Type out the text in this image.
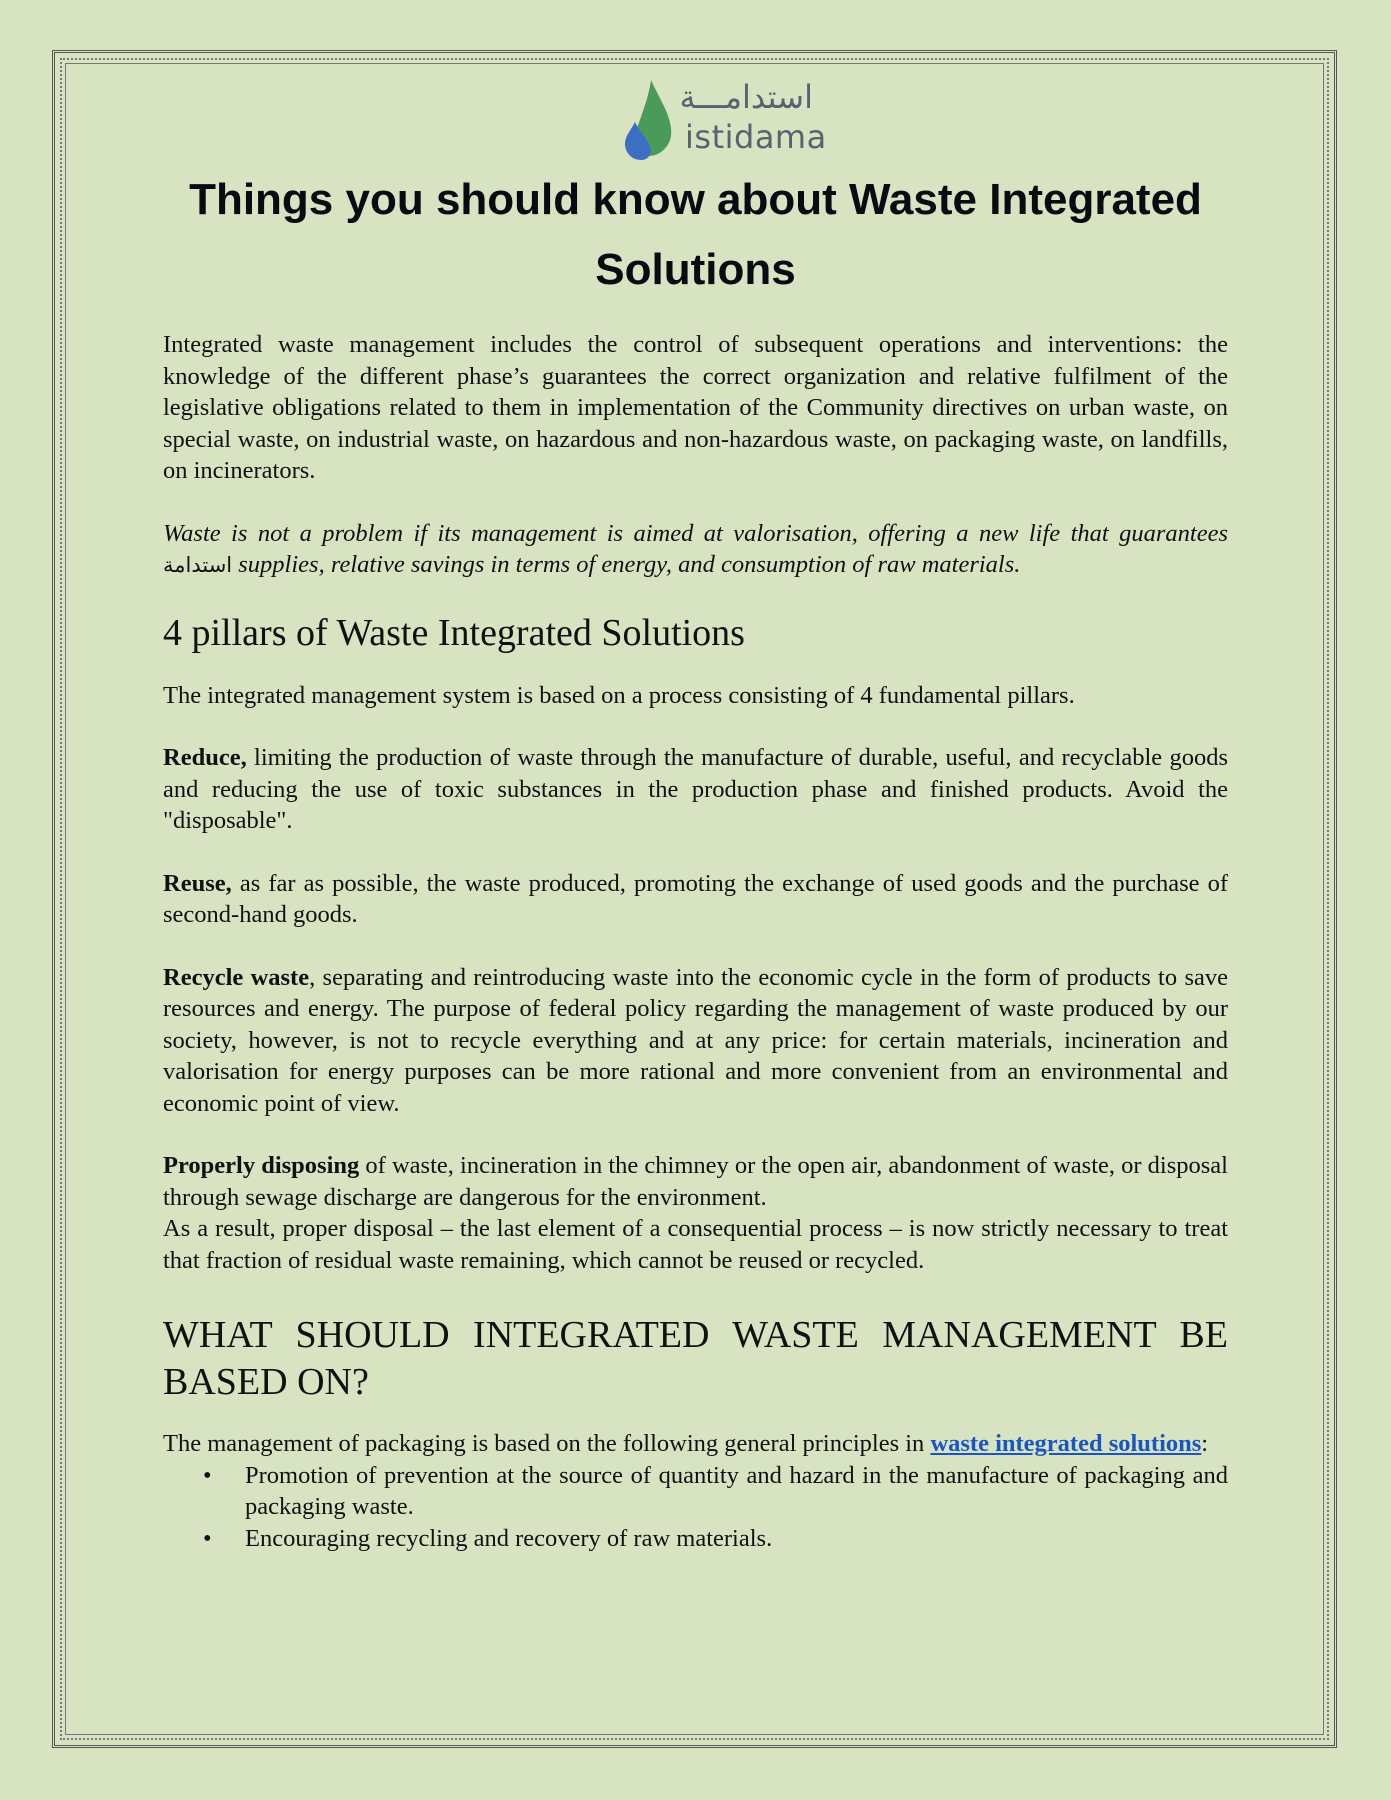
استدامـــة
istidama
Things you should know about Waste Integrated Solutions

Integrated waste management includes the control of subsequent operations and interventions: the knowledge of the different phase’s guarantees the correct organization and relative fulfilment of the legislative obligations related to them in implementation of the Community directives on urban waste, on special waste, on industrial waste, on hazardous and non-hazardous waste, on packaging waste, on landfills, on incinerators.

Waste is not a problem if its management is aimed at valorisation, offering a new life that guarantees استدامة supplies, relative savings in terms of energy, and consumption of raw materials.

4 pillars of Waste Integrated Solutions

The integrated management system is based on a process consisting of 4 fundamental pillars.

Reduce, limiting the production of waste through the manufacture of durable, useful, and recyclable goods and reducing the use of toxic substances in the production phase and finished products. Avoid the "disposable".

Reuse, as far as possible, the waste produced, promoting the exchange of used goods and the purchase of second-hand goods.

Recycle waste, separating and reintroducing waste into the economic cycle in the form of products to save resources and energy. The purpose of federal policy regarding the management of waste produced by our society, however, is not to recycle everything and at any price: for certain materials, incineration and valorisation for energy purposes can be more rational and more convenient from an environmental and economic point of view.

Properly disposing of waste, incineration in the chimney or the open air, abandonment of waste, or disposal through sewage discharge are dangerous for the environment.

As a result, proper disposal – the last element of a consequential process – is now strictly necessary to treat that fraction of residual waste remaining, which cannot be reused or recycled.

WHAT SHOULD INTEGRATED WASTE MANAGEMENT BE BASED ON?

The management of packaging is based on the following general principles in waste integrated solutions:

• Promotion of prevention at the source of quantity and hazard in the manufacture of packaging and packaging waste.
• Encouraging recycling and recovery of raw materials.
